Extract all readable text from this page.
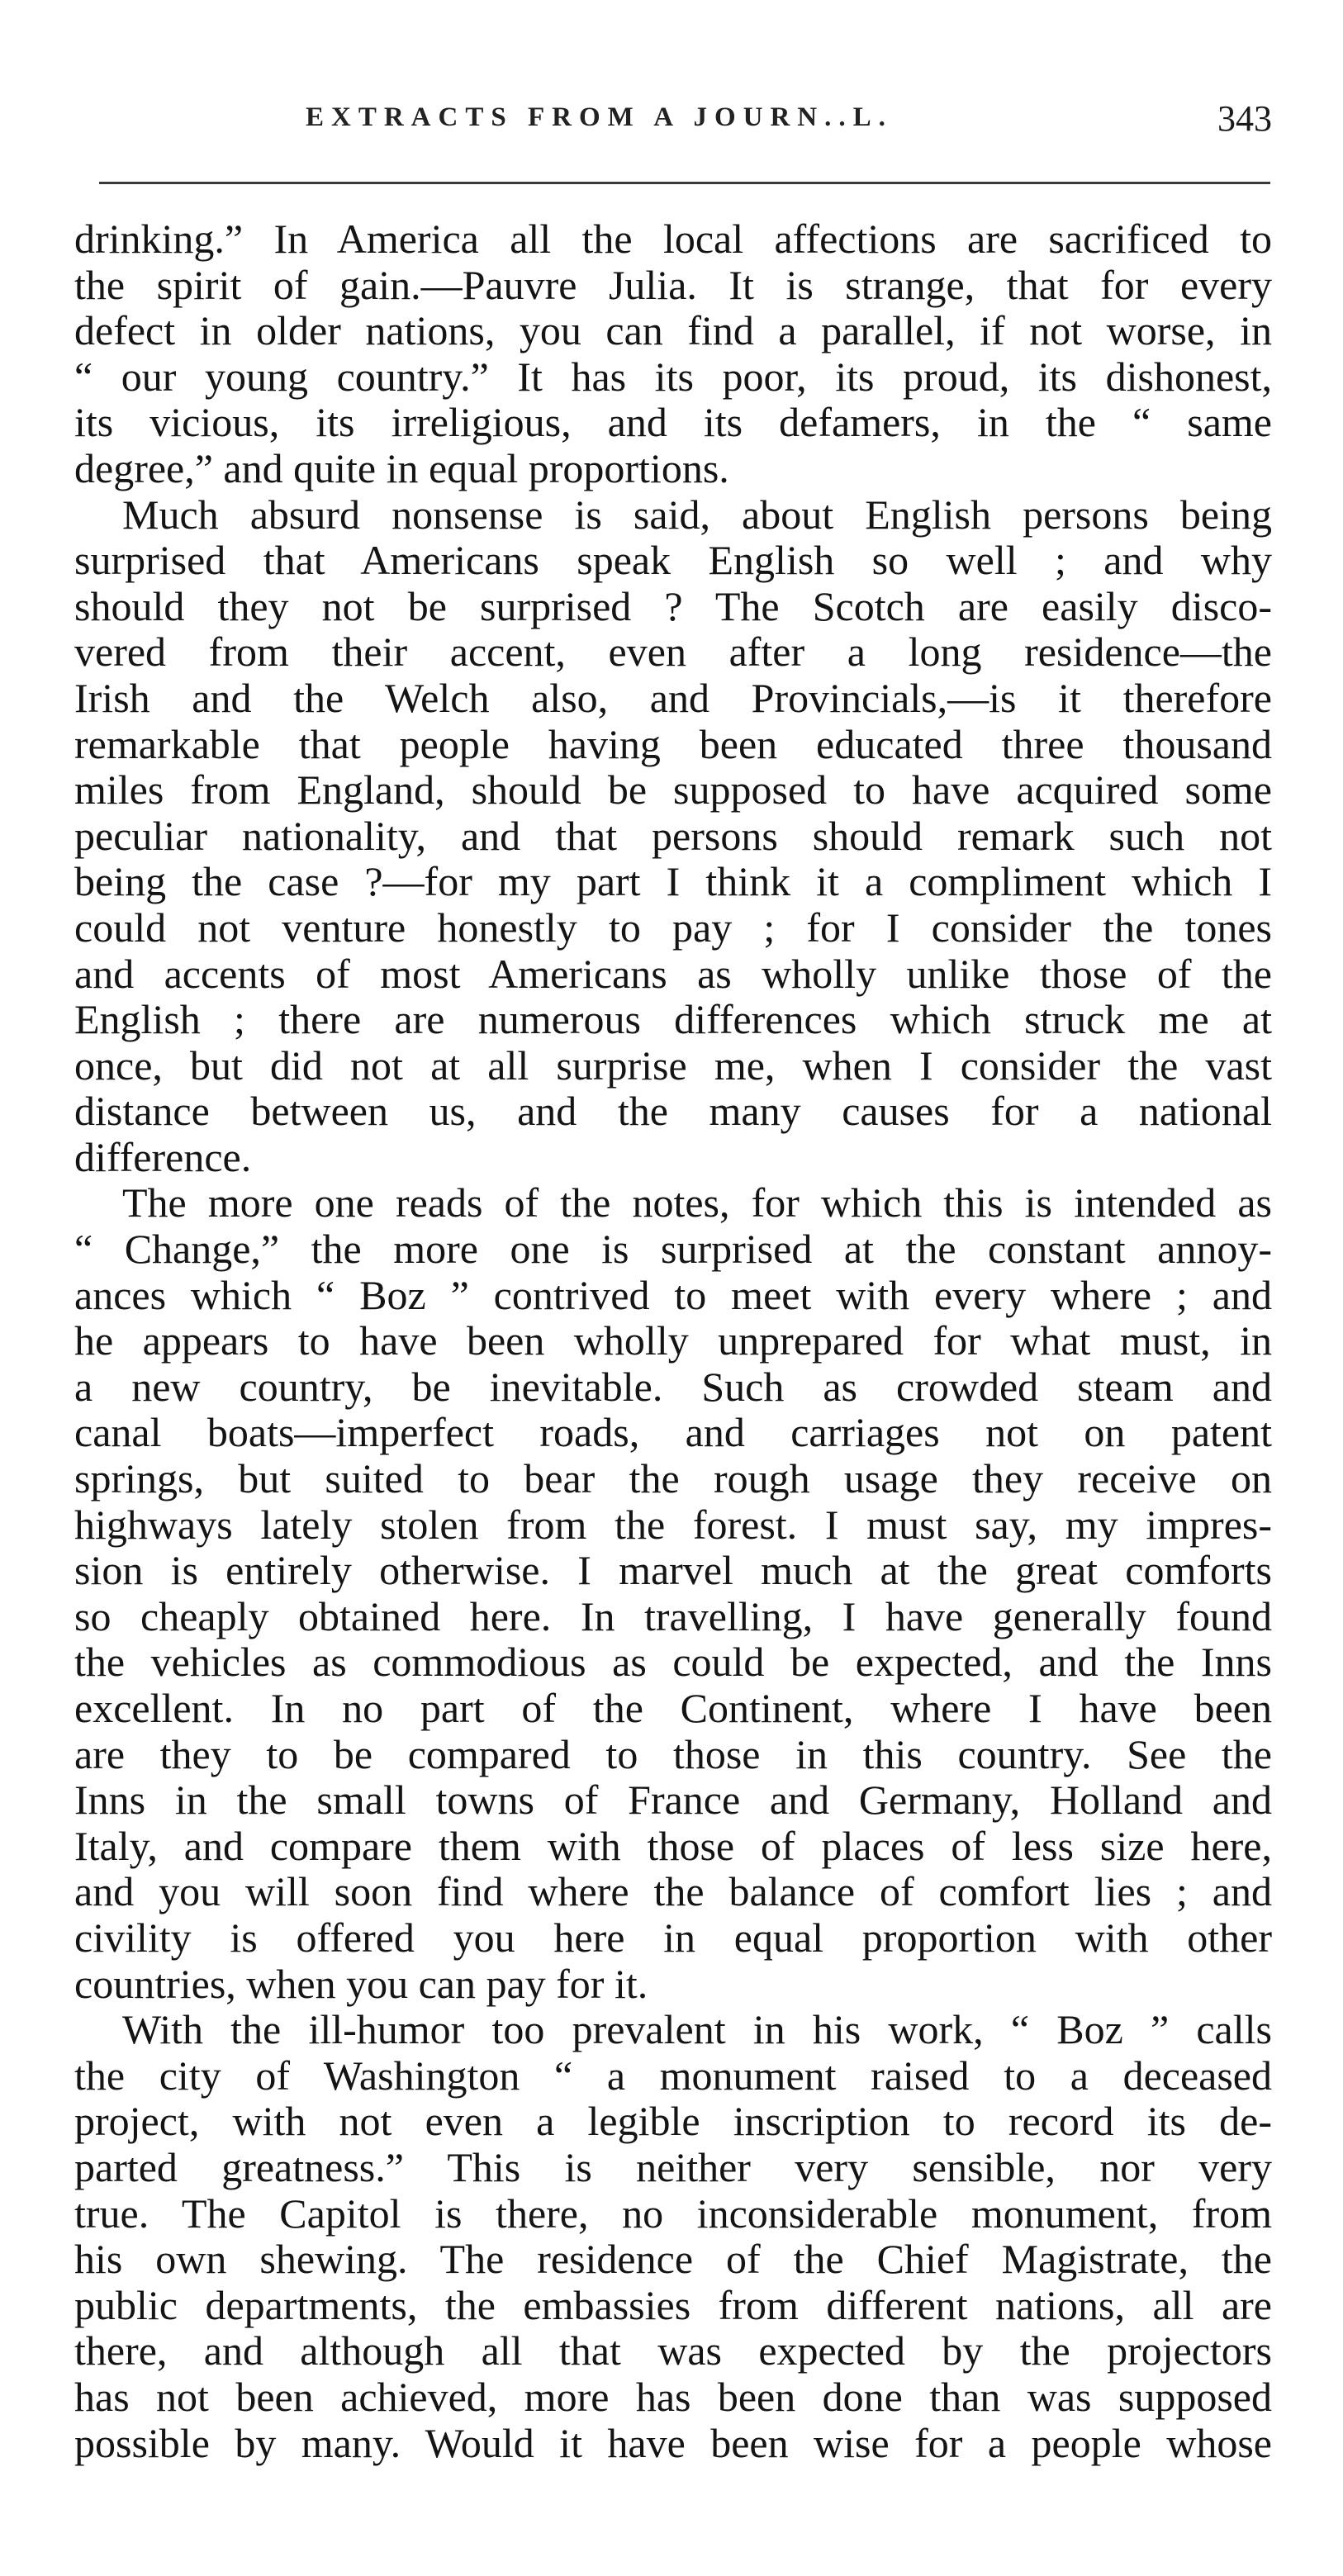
EXTRACTS FROM A JOURN..L.	343
drinking.” In America all the local affections are sacrificed to
the spirit of gain.—Pauvre Julia. It is strange, that for every
defect in older nations, you can find a parallel, if not worse, in
“ our young country.” It has its poor, its proud, its dishonest,
its vicious, its irreligious, and its defamers, in the “ same
degree,” and quite in equal proportions.
Much absurd nonsense is said, about English persons being
surprised that Americans speak English so well ; and why
should they not be surprised ? The Scotch are easily disco-
vered from their accent, even after a long residence—the
Irish and the Welch also, and Provincials,—is it therefore
remarkable that people having been educated three thousand
miles from England, should be supposed to have acquired some
peculiar nationality, and that persons should remark such not
being the case ?—for my part I think it a compliment which I
could not venture honestly to pay ; for I consider the tones
and accents of most Americans as wholly unlike those of the
English ; there are numerous differences which struck me at
once, but did not at all surprise me, when I consider the vast
distance between us, and the many causes for a national
difference.
The more one reads of the notes, for which this is intended as
“ Change,” the more one is surprised at the constant annoy-
ances which “ Boz ” contrived to meet with every where ; and
he appears to have been wholly unprepared for what must, in
a new country, be inevitable. Such as crowded steam and
canal boats—imperfect roads, and carriages not on patent
springs, but suited to bear the rough usage they receive on
highways lately stolen from the forest. I must say, my impres-
sion is entirely otherwise. I marvel much at the great comforts
so cheaply obtained here. In travelling, I have generally found
the vehicles as commodious as could be expected, and the Inns
excellent. In no part of the Continent, where I have been
are they to be compared to those in this country. See the
Inns in the small towns of France and Germany, Holland and
Italy, and compare them with those of places of less size here,
and you will soon find where the balance of comfort lies ; and
civility is offered you here in equal proportion with other
countries, when you can pay for it.
With the ill-humor too prevalent in his work, “ Boz ” calls
the city of Washington “ a monument raised to a deceased
project, with not even a legible inscription to record its de-
parted greatness.” This is neither very sensible, nor very
true. The Capitol is there, no inconsiderable monument, from
his own shewing. The residence of the Chief Magistrate, the
public departments, the embassies from different nations, all are
there, and although all that was expected by the projectors
has not been achieved, more has been done than was supposed
possible by many. Would it have been wise for a people whose
